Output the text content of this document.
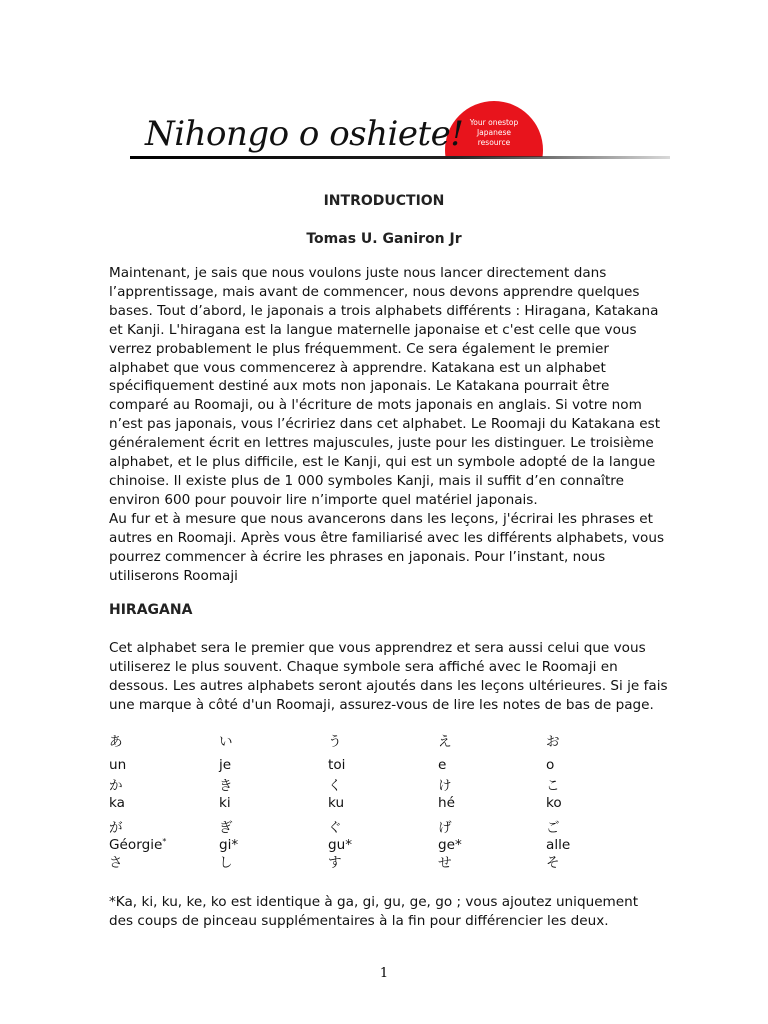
Your onestop
Japanese
resource
Nihongo o oshiete!
INTRODUCTION
Tomas U. Ganiron Jr

Maintenant, je sais que nous voulons juste nous lancer directement dans
l’apprentissage, mais avant de commencer, nous devons apprendre quelques
bases. Tout d’abord, le japonais a trois alphabets différents : Hiragana, Katakana
et Kanji. L'hiragana est la langue maternelle japonaise et c'est celle que vous
verrez probablement le plus fréquemment. Ce sera également le premier
alphabet que vous commencerez à apprendre. Katakana est un alphabet
spécifiquement destiné aux mots non japonais. Le Katakana pourrait être
comparé au Roomaji, ou à l'écriture de mots japonais en anglais. Si votre nom
n’est pas japonais, vous l’écririez dans cet alphabet. Le Roomaji du Katakana est
généralement écrit en lettres majuscules, juste pour les distinguer. Le troisième
alphabet, et le plus difficile, est le Kanji, qui est un symbole adopté de la langue
chinoise. Il existe plus de 1 000 symboles Kanji, mais il suffit d’en connaître
environ 600 pour pouvoir lire n’importe quel matériel japonais.
Au fur et à mesure que nous avancerons dans les leçons, j'écrirai les phrases et
autres en Roomaji. Après vous être familiarisé avec les différents alphabets, vous
pourrez commencer à écrire les phrases en japonais. Pour l’instant, nous
utiliserons Roomaji

HIRAGANA

Cet alphabet sera le premier que vous apprendrez et sera aussi celui que vous
utiliserez le plus souvent. Chaque symbole sera affiché avec le Roomaji en
dessous. Les autres alphabets seront ajoutés dans les leçons ultérieures. Si je fais
une marque à côté d'un Roomaji, assurez-vous de lire les notes de bas de page.

あ	い	う	え	お
un	je	toi	e	o
か	き	く	け	こ
ka	ki	ku	hé	ko
が	ぎ	ぐ	げ	ご
Géorgie*	gi*	gu*	ge*	alle
さ	し	す	せ	そ

*Ka, ki, ku, ke, ko est identique à ga, gi, gu, ge, go ; vous ajoutez uniquement
des coups de pinceau supplémentaires à la fin pour différencier les deux.

1
